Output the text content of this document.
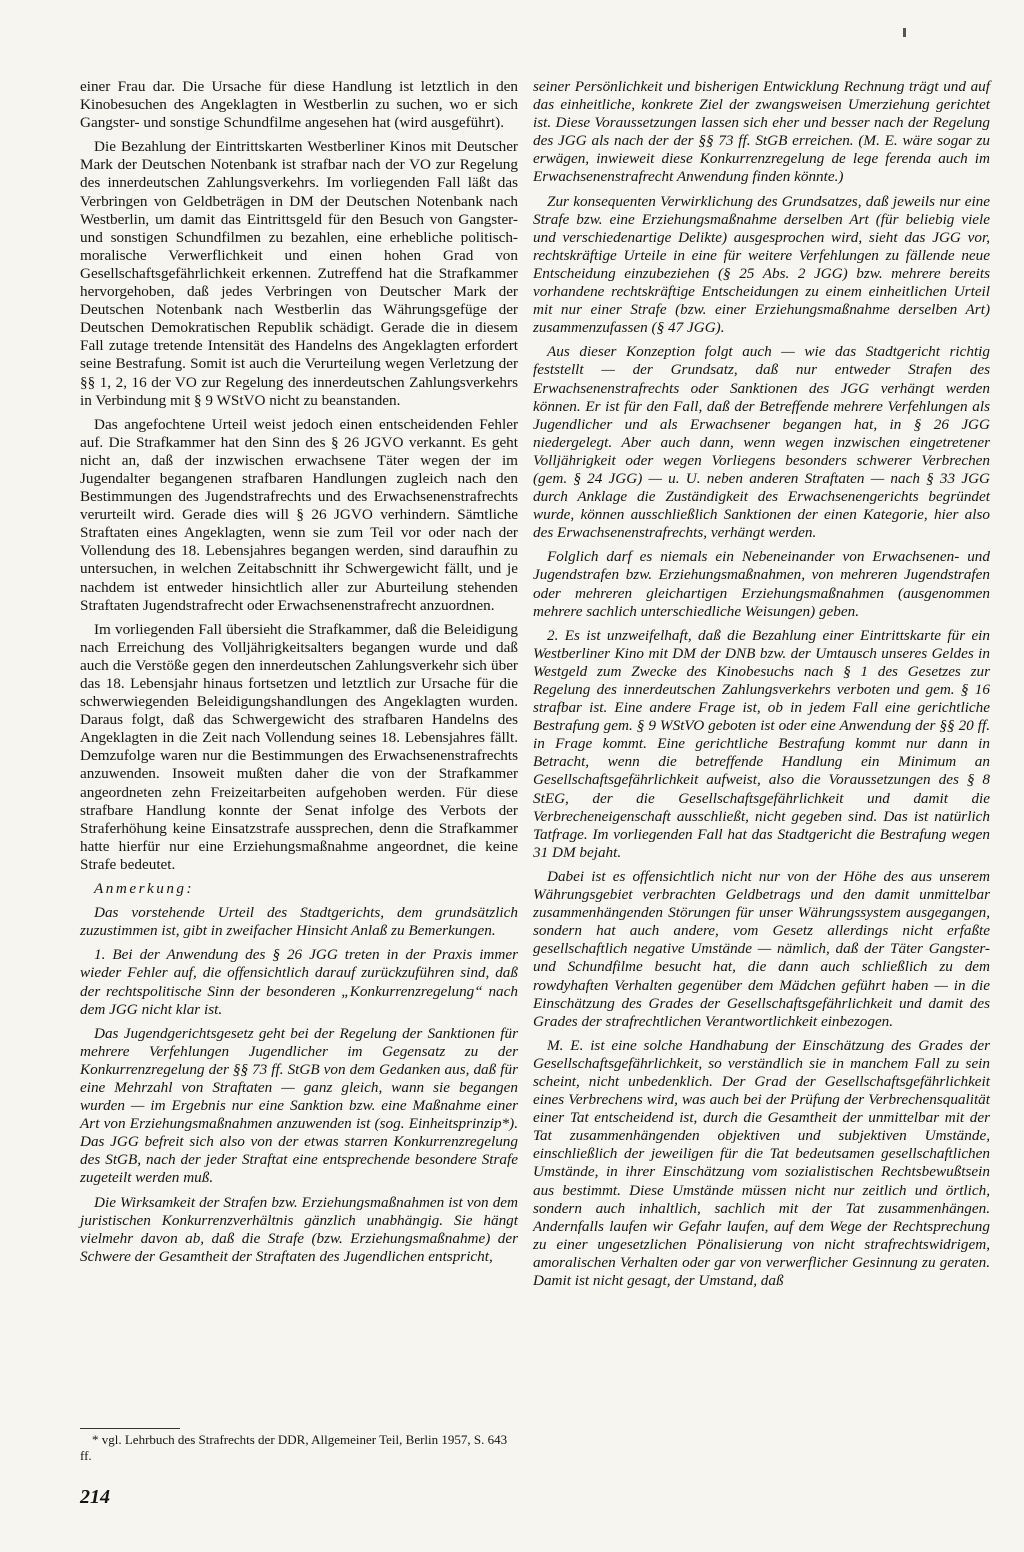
einer Frau dar. Die Ursache für diese Handlung ist letztlich in den Kinobesuchen des Angeklagten in Westberlin zu suchen, wo er sich Gangster- und sonstige Schundfilme angesehen hat (wird ausgeführt).

Die Bezahlung der Eintrittskarten Westberliner Kinos mit Deutscher Mark der Deutschen Notenbank ist strafbar nach der VO zur Regelung des innerdeutschen Zahlungsverkehrs. Im vorliegenden Fall läßt das Verbringen von Geldbeträgen in DM der Deutschen Notenbank nach Westberlin, um damit das Eintrittsgeld für den Besuch von Gangster- und sonstigen Schundfilmen zu bezahlen, eine erhebliche politisch-moralische Verwerflichkeit und einen hohen Grad von Gesellschaftsgefährlichkeit erkennen. Zutreffend hat die Strafkammer hervorgehoben, daß jedes Verbringen von Deutscher Mark der Deutschen Notenbank nach Westberlin das Währungsgefüge der Deutschen Demokratischen Republik schädigt. Gerade die in diesem Fall zutage tretende Intensität des Handelns des Angeklagten erfordert seine Bestrafung. Somit ist auch die Verurteilung wegen Verletzung der §§ 1, 2, 16 der VO zur Regelung des innerdeutschen Zahlungsverkehrs in Verbindung mit § 9 WStVO nicht zu beanstanden.

Das angefochtene Urteil weist jedoch einen entscheidenden Fehler auf. Die Strafkammer hat den Sinn des § 26 JGVO verkannt. Es geht nicht an, daß der inzwischen erwachsene Täter wegen der im Jugendalter begangenen strafbaren Handlungen zugleich nach den Bestimmungen des Jugendstrafrechts und des Erwachsenenstrafrechts verurteilt wird. Gerade dies will § 26 JGVO verhindern. Sämtliche Straftaten eines Angeklagten, wenn sie zum Teil vor oder nach der Vollendung des 18. Lebensjahres begangen werden, sind daraufhin zu untersuchen, in welchen Zeitabschnitt ihr Schwergewicht fällt, und je nachdem ist entweder hinsichtlich aller zur Aburteilung stehenden Straftaten Jugendstrafrecht oder Erwachsenenstrafrecht anzuordnen.

Im vorliegenden Fall übersieht die Strafkammer, daß die Beleidigung nach Erreichung des Volljährigkeitsalters begangen wurde und daß auch die Verstöße gegen den innerdeutschen Zahlungsverkehr sich über das 18. Lebensjahr hinaus fortsetzen und letztlich zur Ursache für die schwerwiegenden Beleidigungshandlungen des Angeklagten wurden. Daraus folgt, daß das Schwergewicht des strafbaren Handelns des Angeklagten in die Zeit nach Vollendung seines 18. Lebensjahres fällt. Demzufolge waren nur die Bestimmungen des Erwachsenenstrafrechts anzuwenden. Insoweit mußten daher die von der Strafkammer angeordneten zehn Freizeitarbeiten aufgehoben werden. Für diese strafbare Handlung konnte der Senat infolge des Verbots der Straferhöhung keine Einsatzstrafe aussprechen, denn die Strafkammer hatte hierfür nur eine Erziehungsmaßnahme angeordnet, die keine Strafe bedeutet.

Anmerkung:

Das vorstehende Urteil des Stadtgerichts, dem grundsätzlich zuzustimmen ist, gibt in zweifacher Hinsicht Anlaß zu Bemerkungen.

1. Bei der Anwendung des § 26 JGG treten in der Praxis immer wieder Fehler auf, die offensichtlich darauf zurückzuführen sind, daß der rechtspolitische Sinn der besonderen „Konkurrenzregelung“ nach dem JGG nicht klar ist.

Das Jugendgerichtsgesetz geht bei der Regelung der Sanktionen für mehrere Verfehlungen Jugendlicher im Gegensatz zu der Konkurrenzregelung der §§ 73 ff. StGB von dem Gedanken aus, daß für eine Mehrzahl von Straftaten — ganz gleich, wann sie begangen wurden — im Ergebnis nur eine Sanktion bzw. eine Maßnahme einer Art von Erziehungsmaßnahmen anzuwenden ist (sog. Einheitsprinzip*). Das JGG befreit sich also von der etwas starren Konkurrenzregelung des StGB, nach der jeder Straftat eine entsprechende besondere Strafe zugeteilt werden muß.

Die Wirksamkeit der Strafen bzw. Erziehungsmaßnahmen ist von dem juristischen Konkurrenzverhältnis gänzlich unabhängig. Sie hängt vielmehr davon ab, daß die Strafe (bzw. Erziehungsmaßnahme) der Schwere der Gesamtheit der Straftaten des Jugendlichen entspricht,

seiner Persönlichkeit und bisherigen Entwicklung Rechnung trägt und auf das einheitliche, konkrete Ziel der zwangsweisen Umerziehung gerichtet ist. Diese Voraussetzungen lassen sich eher und besser nach der Regelung des JGG als nach der der §§ 73 ff. StGB erreichen. (M. E. wäre sogar zu erwägen, inwieweit diese Konkurrenzregelung de lege ferenda auch im Erwachsenenstrafrecht Anwendung finden könnte.)

Zur konsequenten Verwirklichung des Grundsatzes, daß jeweils nur eine Strafe bzw. eine Erziehungsmaßnahme derselben Art (für beliebig viele und verschiedenartige Delikte) ausgesprochen wird, sieht das JGG vor, rechtskräftige Urteile in eine für weitere Verfehlungen zu fällende neue Entscheidung einzubeziehen (§ 25 Abs. 2 JGG) bzw. mehrere bereits vorhandene rechtskräftige Entscheidungen zu einem einheitlichen Urteil mit nur einer Strafe (bzw. einer Erziehungsmaßnahme derselben Art) zusammenzufassen (§ 47 JGG).

Aus dieser Konzeption folgt auch — wie das Stadtgericht richtig feststellt — der Grundsatz, daß nur entweder Strafen des Erwachsenenstrafrechts oder Sanktionen des JGG verhängt werden können. Er ist für den Fall, daß der Betreffende mehrere Verfehlungen als Jugendlicher und als Erwachsener begangen hat, in § 26 JGG niedergelegt. Aber auch dann, wenn wegen inzwischen eingetretener Volljährigkeit oder wegen Vorliegens besonders schwerer Verbrechen (gem. § 24 JGG) — u. U. neben anderen Straftaten — nach § 33 JGG durch Anklage die Zuständigkeit des Erwachsenengerichts begründet wurde, können ausschließlich Sanktionen der einen Kategorie, hier also des Erwachsenenstrafrechts, verhängt werden.

Folglich darf es niemals ein Nebeneinander von Erwachsenen- und Jugendstrafen bzw. Erziehungsmaßnahmen, von mehreren Jugendstrafen oder mehreren gleichartigen Erziehungsmaßnahmen (ausgenommen mehrere sachlich unterschiedliche Weisungen) geben.

2. Es ist unzweifelhaft, daß die Bezahlung einer Eintrittskarte für ein Westberliner Kino mit DM der DNB bzw. der Umtausch unseres Geldes in Westgeld zum Zwecke des Kinobesuchs nach § 1 des Gesetzes zur Regelung des innerdeutschen Zahlungsverkehrs verboten und gem. § 16 strafbar ist. Eine andere Frage ist, ob in jedem Fall eine gerichtliche Bestrafung gem. § 9 WStVO geboten ist oder eine Anwendung der §§ 20 ff. in Frage kommt. Eine gerichtliche Bestrafung kommt nur dann in Betracht, wenn die betreffende Handlung ein Minimum an Gesellschaftsgefährlichkeit aufweist, also die Voraussetzungen des § 8 StEG, der die Gesellschaftsgefährlichkeit und damit die Verbrecheneigenschaft ausschließt, nicht gegeben sind. Das ist natürlich Tatfrage. Im vorliegenden Fall hat das Stadtgericht die Bestrafung wegen 31 DM bejaht.

Dabei ist es offensichtlich nicht nur von der Höhe des aus unserem Währungsgebiet verbrachten Geldbetrags und den damit unmittelbar zusammenhängenden Störungen für unser Währungssystem ausgegangen, sondern hat auch andere, vom Gesetz allerdings nicht erfaßte gesellschaftlich negative Umstände — nämlich, daß der Täter Gangster- und Schundfilme besucht hat, die dann auch schließlich zu dem rowdyhaften Verhalten gegenüber dem Mädchen geführt haben — in die Einschätzung des Grades der Gesellschaftsgefährlichkeit und damit des Grades der strafrechtlichen Verantwortlichkeit einbezogen.

M. E. ist eine solche Handhabung der Einschätzung des Grades der Gesellschaftsgefährlichkeit, so verständlich sie in manchem Fall zu sein scheint, nicht unbedenklich. Der Grad der Gesellschaftsgefährlichkeit eines Verbrechens wird, was auch bei der Prüfung der Verbrechensqualität einer Tat entscheidend ist, durch die Gesamtheit der unmittelbar mit der Tat zusammenhängenden objektiven und subjektiven Umstände, einschließlich der jeweiligen für die Tat bedeutsamen gesellschaftlichen Umstände, in ihrer Einschätzung vom sozialistischen Rechtsbewußtsein aus bestimmt. Diese Umstände müssen nicht nur zeitlich und örtlich, sondern auch inhaltlich, sachlich mit der Tat zusammenhängen. Andernfalls laufen wir Gefahr laufen, auf dem Wege der Rechtsprechung zu einer ungesetzlichen Pönalisierung von nicht strafrechtswidrigem, amoralischen Verhalten oder gar von verwerflicher Gesinnung zu geraten. Damit ist nicht gesagt, der Umstand, daß

* vgl. Lehrbuch des Strafrechts der DDR, Allgemeiner Teil, Berlin 1957, S. 643 ff.
214
